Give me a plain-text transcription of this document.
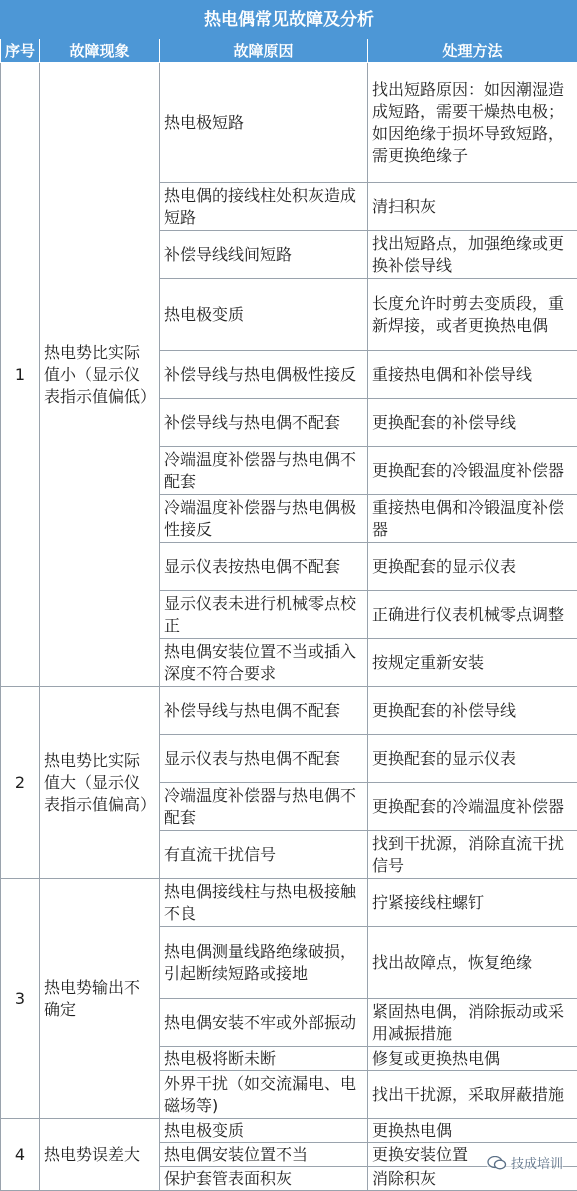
热电偶常见故障及分析			
序号	故障现象	故障原因	处理方法
1	热电势比实际值小（显示仪表指示值偏低）	热电极短路	找出短路原因：如因潮湿造成短路，需要干燥热电极；如因绝缘于损坏导致短路，需更换绝缘子
		热电偶的接线柱处积灰造成短路	清扫积灰
		补偿导线线间短路	找出短路点，加强绝缘或更换补偿导线
		热电极变质	长度允许时剪去变质段，重新焊接，或者更换热电偶
		补偿导线与热电偶极性接反	重接热电偶和补偿导线
		补偿导线与热电偶不配套	更换配套的补偿导线
		冷端温度补偿器与热电偶不配套	更换配套的冷锻温度补偿器
		冷端温度补偿器与热电偶极性接反	重接热电偶和冷锻温度补偿器
		显示仪表按热电偶不配套	更换配套的显示仪表
		显示仪表未进行机械零点校正	正确进行仪表机械零点调整
		热电偶安装位置不当或插入深度不符合要求	按规定重新安装
2	热电势比实际值大（显示仪表指示值偏高）	补偿导线与热电偶不配套	更换配套的补偿导线
		显示仪表与热电偶不配套	更换配套的显示仪表
		冷端温度补偿器与热电偶不配套	更换配套的冷端温度补偿器
		有直流干扰信号	找到干扰源，消除直流干扰信号
3	热电势输出不确定	热电偶接线柱与热电极接触不良	拧紧接线柱螺钉
		热电偶测量线路绝缘破损，引起断续短路或接地	找出故障点，恢复绝缘
		热电偶安装不牢或外部振动	紧固热电偶，消除振动或采用减振措施
		热电极将断未断	修复或更换热电偶
		外界干扰（如交流漏电、电磁场等)	找出干扰源，采取屏蔽措施
4	热电势误差大	热电极变质	更换热电偶
		热电偶安装位置不当	更换安装位置
		保护套管表面积灰	消除积灰
技成培训
